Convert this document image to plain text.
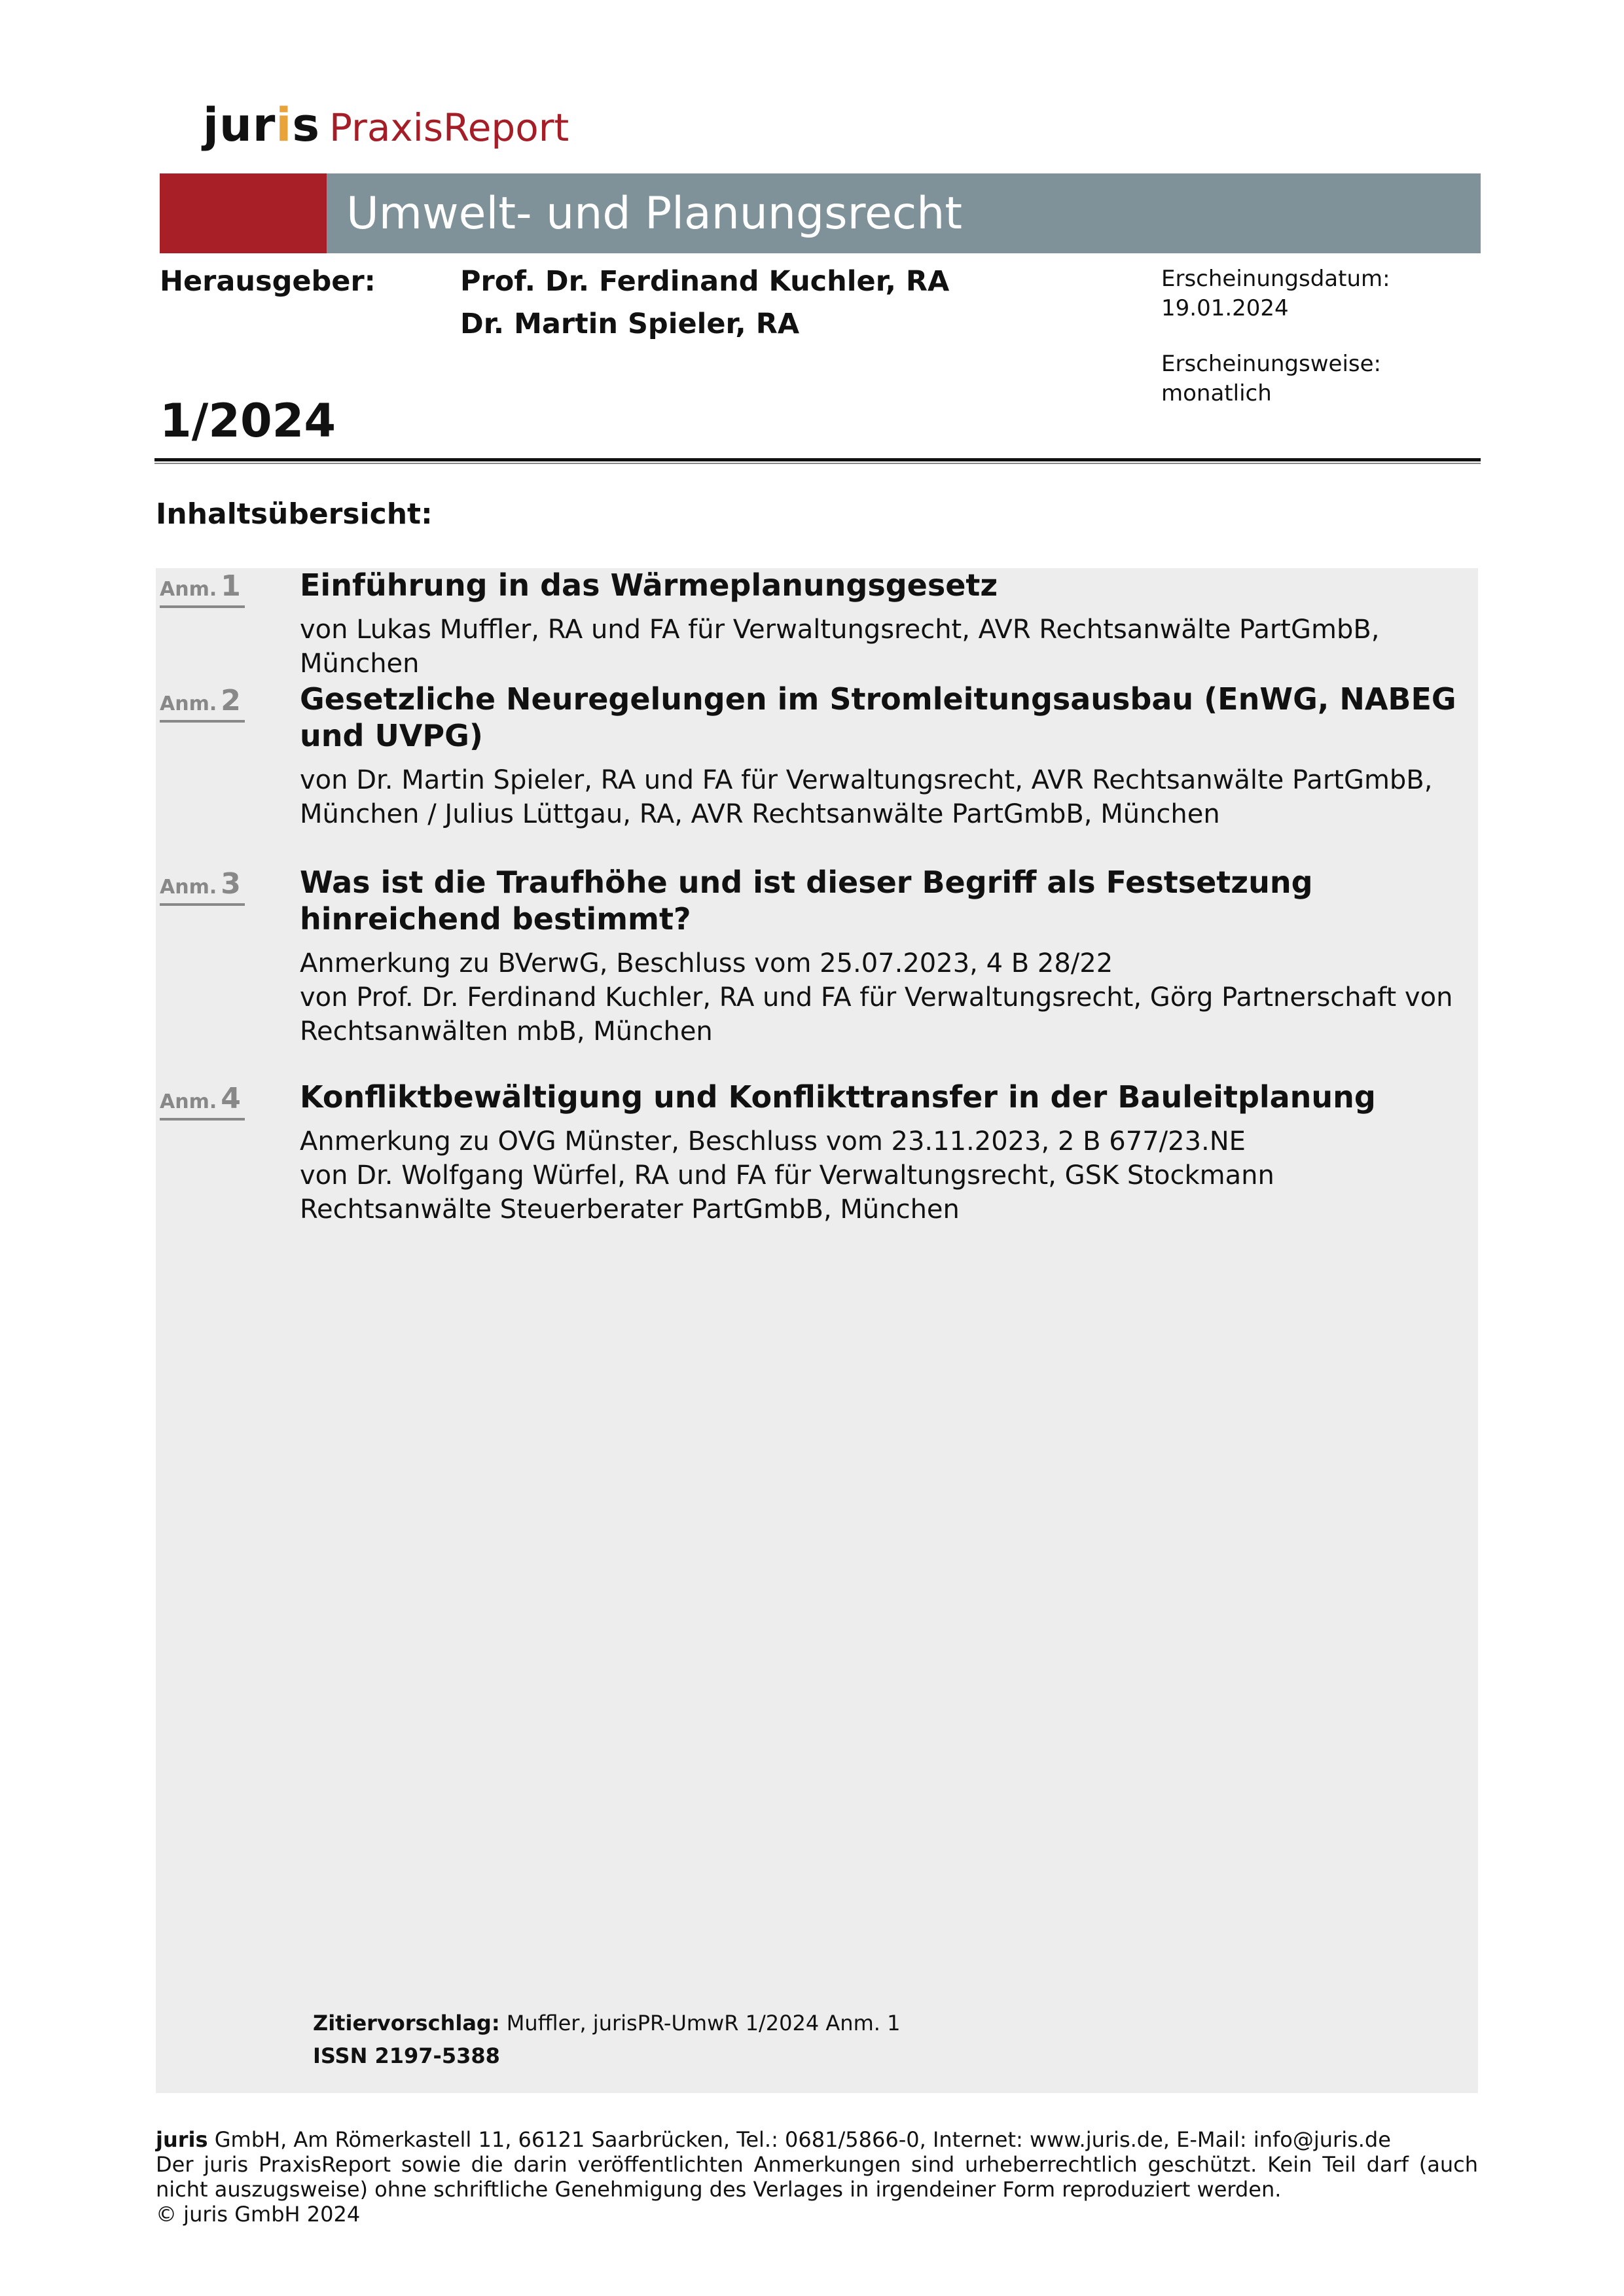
juris PraxisReport
Umwelt- und Planungsrecht
Herausgeber:	Prof. Dr. Ferdinand Kuchler, RA
Dr. Martin Spieler, RA
Erscheinungsdatum:
19.01.2024
Erscheinungsweise:
monatlich
1/2024
Inhaltsübersicht:
Anm. 1 Einführung in das Wärmeplanungsgesetz
von Lukas Muffler, RA und FA für Verwaltungsrecht, AVR Rechtsanwälte PartGmbB, München
Anm. 2 Gesetzliche Neuregelungen im Stromleitungsausbau (EnWG, NABEG und UVPG)
von Dr. Martin Spieler, RA und FA für Verwaltungsrecht, AVR Rechtsanwälte PartGmbB, München / Julius Lüttgau, RA, AVR Rechtsanwälte PartGmbB, München
Anm. 3 Was ist die Traufhöhe und ist dieser Begriff als Festsetzung hinreichend bestimmt?
Anmerkung zu BVerwG, Beschluss vom 25.07.2023, 4 B 28/22
von Prof. Dr. Ferdinand Kuchler, RA und FA für Verwaltungsrecht, Görg Partnerschaft von Rechtsanwälten mbB, München
Anm. 4 Konfliktbewältigung und Konflikttransfer in der Bauleitplanung
Anmerkung zu OVG Münster, Beschluss vom 23.11.2023, 2 B 677/23.NE
von Dr. Wolfgang Würfel, RA und FA für Verwaltungsrecht, GSK Stockmann Rechtsanwälte Steuerberater PartGmbB, München
Zitiervorschlag: Muffler, jurisPR-UmwR 1/2024 Anm. 1
ISSN 2197-5388
juris GmbH, Am Römerkastell 11, 66121 Saarbrücken, Tel.: 0681/5866-0, Internet: www.juris.de, E-Mail: info@juris.de
Der juris PraxisReport sowie die darin veröffentlichten Anmerkungen sind urheberrechtlich geschützt. Kein Teil darf (auch nicht auszugsweise) ohne schriftliche Genehmigung des Verlages in irgendeiner Form reproduziert werden.
© juris GmbH 2024
